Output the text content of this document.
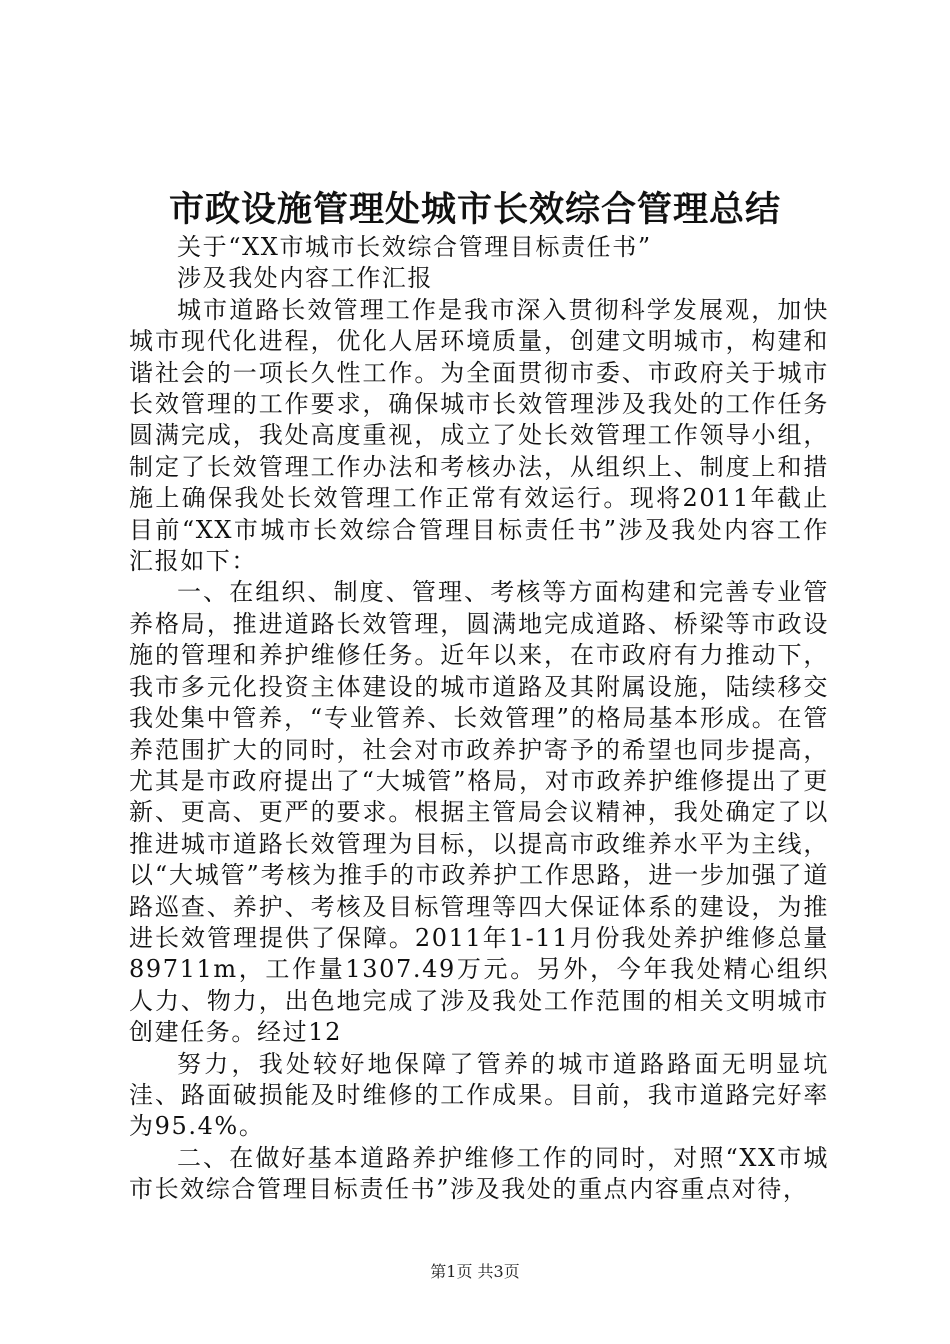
市政设施管理处城市长效综合管理总结

关于“XX市城市长效综合管理目标责任书”

涉及我处内容工作汇报

城市道路长效管理工作是我市深入贯彻科学发展观，加快城市现代化进程，优化人居环境质量，创建文明城市，构建和谐社会的一项长久性工作。为全面贯彻市委、市政府关于城市长效管理的工作要求，确保城市长效管理涉及我处的工作任务圆满完成，我处高度重视，成立了处长效管理工作领导小组，制定了长效管理工作办法和考核办法，从组织上、制度上和措施上确保我处长效管理工作正常有效运行。现将2011年截止目前“XX市城市长效综合管理目标责任书”涉及我处内容工作汇报如下：

一、在组织、制度、管理、考核等方面构建和完善专业管养格局，推进道路长效管理，圆满地完成道路、桥梁等市政设施的管理和养护维修任务。近年以来，在市政府有力推动下，我市多元化投资主体建设的城市道路及其附属设施，陆续移交我处集中管养，“专业管养、长效管理”的格局基本形成。在管养范围扩大的同时，社会对市政养护寄予的希望也同步提高，尤其是市政府提出了“大城管”格局，对市政养护维修提出了更新、更高、更严的要求。根据主管局会议精神，我处确定了以推进城市道路长效管理为目标，以提高市政维养水平为主线，以“大城管”考核为推手的市政养护工作思路，进一步加强了道路巡查、养护、考核及目标管理等四大保证体系的建设，为推进长效管理提供了保障。2011年1-11月份我处养护维修总量89711m，工作量1307.49万元。另外，今年我处精心组织人力、物力，出色地完成了涉及我处工作范围的相关文明城市创建任务。经过12

努力，我处较好地保障了管养的城市道路路面无明显坑洼、路面破损能及时维修的工作成果。目前，我市道路完好率为95.4%。

二、在做好基本道路养护维修工作的同时，对照“XX市城市长效综合管理目标责任书”涉及我处的重点内容重点对待，

第1页 共3页
